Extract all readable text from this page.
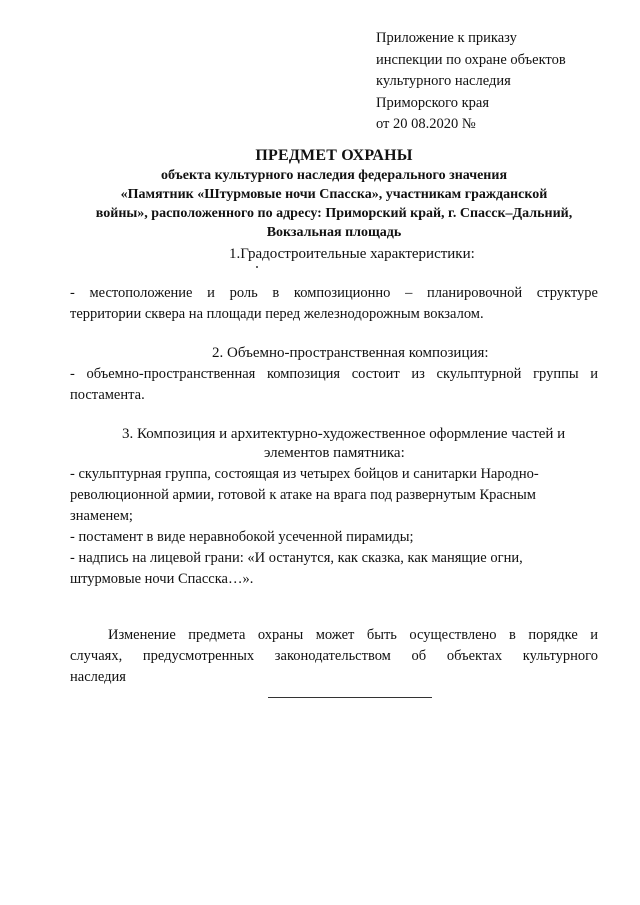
Приложение к приказу
инспекции по охране объектов
культурного наследия
Приморского края
от 20 08.2020 №
ПРЕДМЕТ ОХРАНЫ
объекта культурного наследия федерального значения
«Памятник «Штурмовые ночи Спасска», участникам гражданской
войны», расположенного по адресу: Приморский край, г. Спасск–Дальний,
Вокзальная площадь
1.Градостроительные характеристики:
- местоположение и роль в композиционно – планировочной структуре
территории сквера на площади перед железнодорожным вокзалом.
2. Объемно-пространственная композиция:
- объемно-пространственная композиция состоит из скульптурной группы и
постамента.
3. Композиция и архитектурно-художественное оформление частей и
элементов памятника:
- скульптурная группа, состоящая из четырех бойцов и санитарки Народно-
революционной армии, готовой к атаке на врага под развернутым Красным
знаменем;
- постамент в виде неравнобокой усеченной пирамиды;
- надпись на лицевой грани: «И останутся, как сказка, как манящие огни,
штурмовые ночи Спасска…».
Изменение предмета охраны может быть осуществлено в порядке и
случаях, предусмотренных законодательством об объектах культурного
наследия
